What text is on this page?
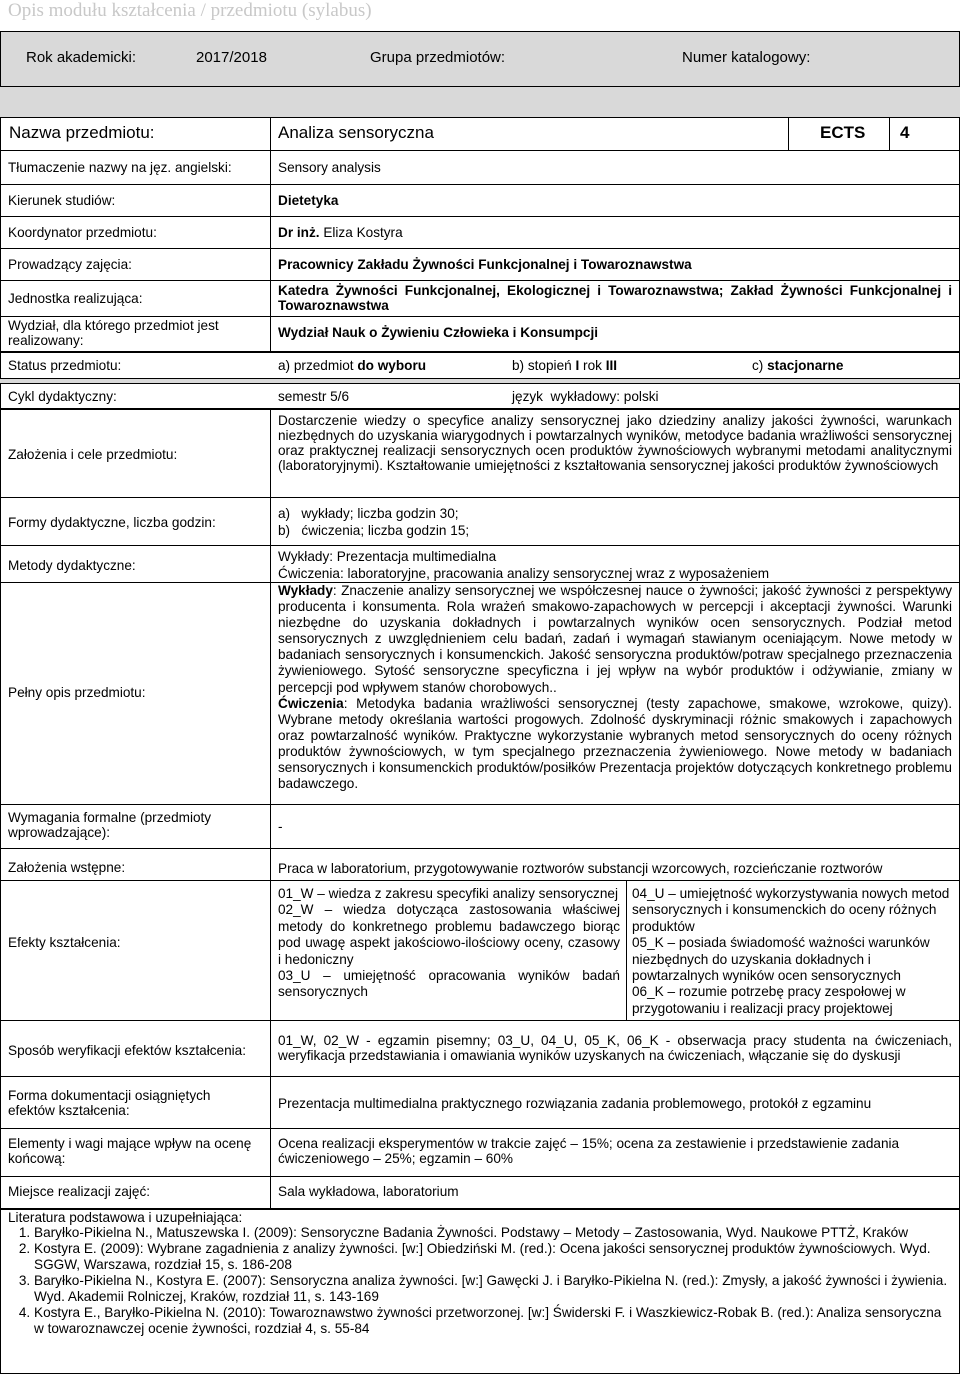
Opis modułu kształcenia / przedmiotu (sylabus)
Rok akademicki:	2017/2018	Grupa przedmiotów:	Numer katalogowy:
Nazwa przedmiotu:	Analiza sensoryczna	ECTS 4
Tłumaczenie nazwy na jęz. angielski:	Sensory analysis
Kierunek studiów:	Dietetyka
Koordynator przedmiotu:	Dr inż. Eliza Kostyra
Prowadzący zajęcia:	Pracownicy Zakładu Żywności Funkcjonalnej i Towaroznawstwa
Jednostka realizująca:
Katedra Żywności Funkcjonalnej, Ekologicznej i Towaroznawstwa; Zakład Żywności Funkcjonalnej i Towaroznawstwa
Wydział, dla którego przedmiot jest realizowany:
Wydział Nauk o Żywieniu Człowieka i Konsumpcji
Status przedmiotu:	a) przedmiot do wyboru	b) stopień I rok III	c) stacjonarne
Cykl dydaktyczny:	semestr 5/6	język  wykładowy: polski
Założenia i cele przedmiotu:
Dostarczenie wiedzy o specyfice analizy sensorycznej jako dziedziny analizy jakości żywności, warunkach niezbędnych do uzyskania wiarygodnych i powtarzalnych wyników, metodyce badania wrażliwości sensorycznej oraz praktycznej realizacji sensorycznych ocen produktów żywnościowych wybranymi metodami analitycznymi (laboratoryjnymi). Kształtowanie umiejętności z kształtowania sensorycznej jakości produktów żywnościowych
Formy dydaktyczne, liczba godzin:
a)   wykłady; liczba godzin 30;
b)   ćwiczenia; liczba godzin 15;
Metody dydaktyczne:
Wykłady: Prezentacja multimedialna
Ćwiczenia: laboratoryjne, pracowania analizy sensorycznej wraz z wyposażeniem
Pełny opis przedmiotu:
Wykłady: Znaczenie analizy sensorycznej we współczesnej nauce o żywności; jakość żywności z perspektywy producenta i konsumenta. Rola wrażeń smakowo-zapachowych w percepcji i akceptacji żywności. Warunki niezbędne do uzyskania dokładnych i powtarzalnych wyników ocen sensorycznych. Podział metod sensorycznych z uwzględnieniem celu badań, zadań i wymagań stawianym oceniającym. Nowe metody w badaniach sensorycznych i konsumenckich. Jakość sensoryczna produktów/potraw specjalnego przeznaczenia żywieniowego. Sytość sensoryczne specyficzna i jej wpływ na wybór produktów i odżywianie, zmiany w percepcji pod wpływem stanów chorobowych..
Ćwiczenia: Metodyka badania wrażliwości sensorycznej (testy zapachowe, smakowe, wzrokowe, quizy). Wybrane metody określania wartości progowych. Zdolność dyskryminacji różnic smakowych i zapachowych oraz powtarzalność wyników. Praktyczne wykorzystanie wybranych metod sensorycznych do oceny różnych produktów żywnościowych, w tym specjalnego przeznaczenia żywieniowego. Nowe metody w badaniach sensorycznych i konsumenckich produktów/posiłków Prezentacja projektów dotyczących konkretnego problemu badawczego.
Wymagania formalne (przedmioty wprowadzające):	-
Założenia wstępne:	Praca w laboratorium, przygotowywanie roztworów substancji wzorcowych, rozcieńczanie roztworów
Efekty kształcenia:
01_W – wiedza z zakresu specyfiki analizy sensorycznej
02_W – wiedza dotycząca zastosowania właściwej metody do konkretnego problemu badawczego biorąc pod uwagę aspekt jakościowo-ilościowy oceny, czasowy i hedoniczny
03_U – umiejętność opracowania wyników badań sensorycznych
04_U – umiejętność wykorzystywania nowych metod sensorycznych i konsumenckich do oceny różnych produktów
05_K – posiada świadomość ważności warunków niezbędnych do uzyskania dokładnych i powtarzalnych wyników ocen sensorycznych
06_K – rozumie potrzebę pracy zespołowej w przygotowaniu i realizacji pracy projektowej
Sposób weryfikacji efektów kształcenia:
01_W, 02_W - egzamin pisemny; 03_U, 04_U, 05_K, 06_K - obserwacja pracy studenta na ćwiczeniach, weryfikacja przedstawiania i omawiania wyników uzyskanych na ćwiczeniach, włączanie się do dyskusji
Forma dokumentacji osiągniętych efektów kształcenia:	Prezentacja multimedialna praktycznego rozwiązania zadania problemowego, protokół z egzaminu
Elementy i wagi mające wpływ na ocenę końcową:
Ocena realizacji eksperymentów w trakcie zajęć – 15%; ocena za zestawienie i przedstawienie zadania ćwiczeniowego – 25%; egzamin – 60%
Miejsce realizacji zajęć:	Sala wykładowa, laboratorium
Literatura podstawowa i uzupełniająca:
1. Baryłko-Pikielna N., Matuszewska I. (2009): Sensoryczne Badania Żywności. Podstawy – Metody – Zastosowania, Wyd. Naukowe PTTŻ, Kraków
2. Kostyra E. (2009): Wybrane zagadnienia z analizy żywności. [w:] Obiedziński M. (red.): Ocena jakości sensorycznej produktów żywnościowych. Wyd. SGGW, Warszawa, rozdział 15, s. 186-208
3. Baryłko-Pikielna N., Kostyra E. (2007): Sensoryczna analiza żywności. [w:] Gawęcki J. i Baryłko-Pikielna N. (red.): Zmysły, a jakość żywności i żywienia. Wyd. Akademii Rolniczej, Kraków, rozdział 11, s. 143-169
4. Kostyra E., Baryłko-Pikielna N. (2010): Towaroznawstwo żywności przetworzonej. [w:] Świderski F. i Waszkiewicz-Robak B. (red.): Analiza sensoryczna w towaroznawczej ocenie żywności, rozdział 4, s. 55-84
